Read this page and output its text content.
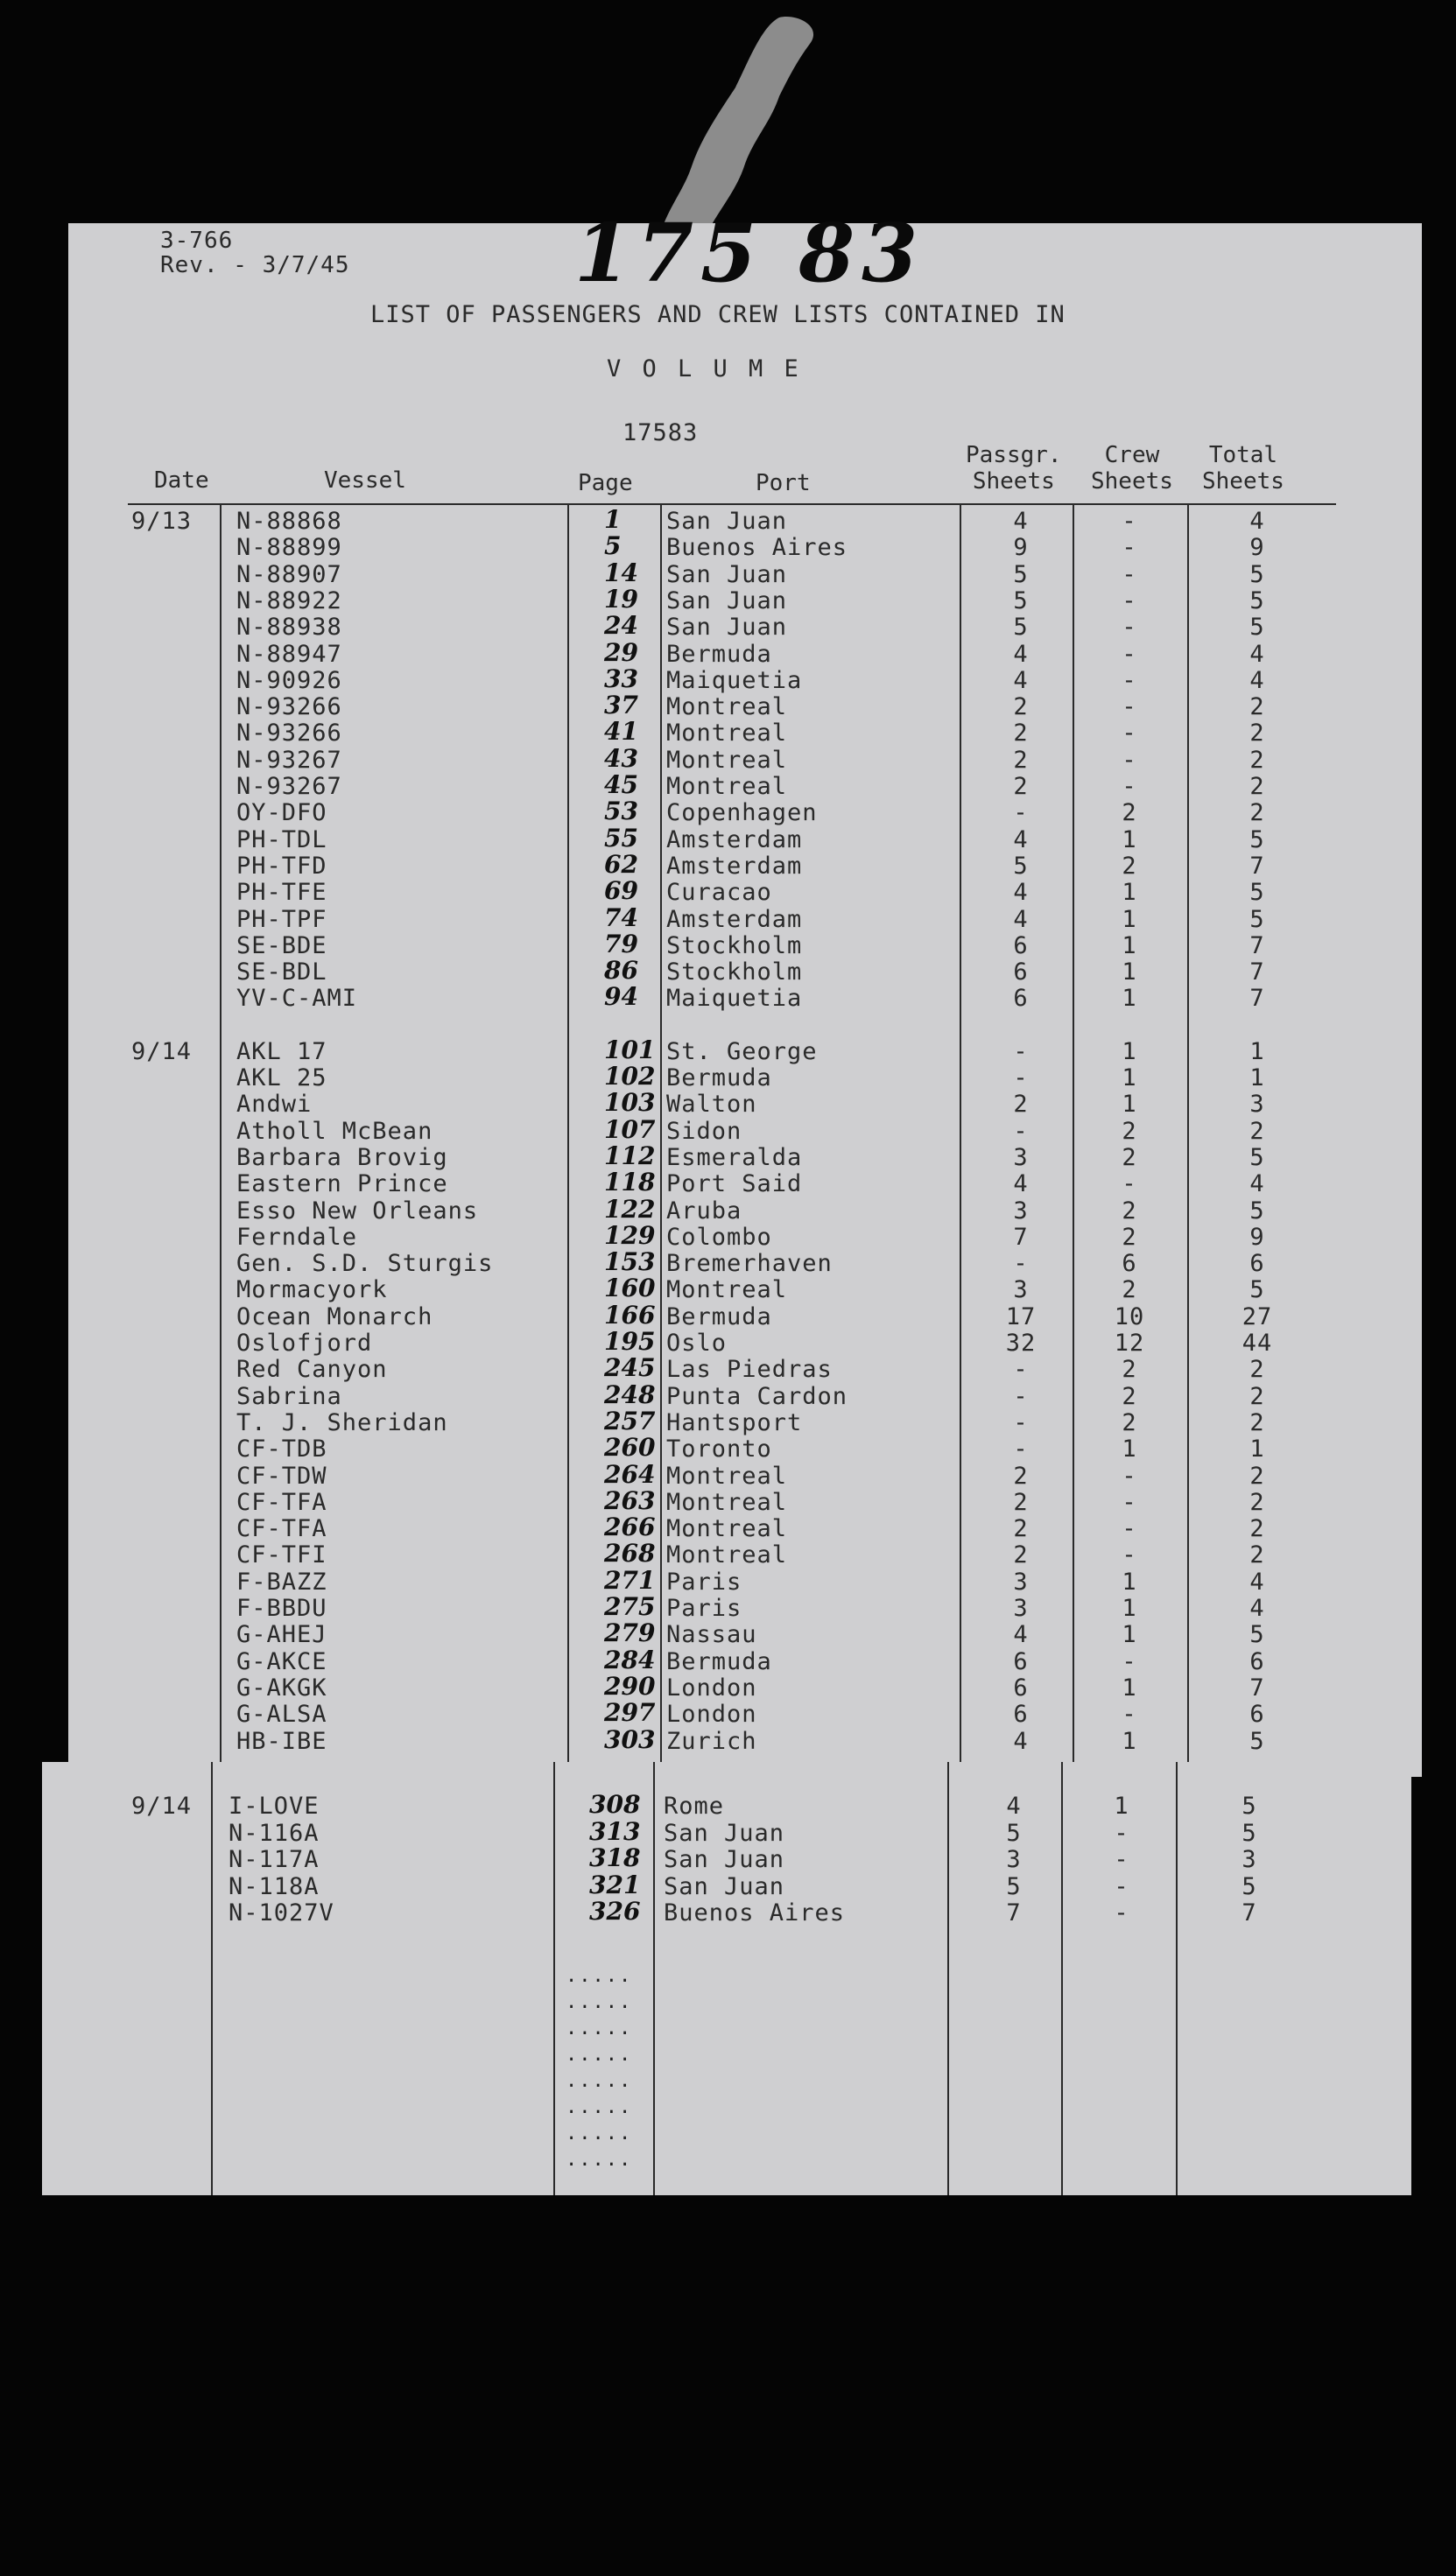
3-766
Rev. - 3/7/45	175 83
LIST OF PASSENGERS AND CREW LISTS CONTAINED IN
V O L U M E
17583
Date	Vessel	Page	Port
Passgr.
Sheets
Crew
Sheets
Total
Sheets
9/13 N-88868	1 San Juan	4	-	4
N-88899	5 Buenos Aires	9	-	9
N-88907	14 San Juan	5	-	5
N-88922	19 San Juan	5	-	5
N-88938	24 San Juan	5	-	5
N-88947	29 Bermuda	4	-	4
N-90926	33 Maiquetia	4	-	4
N-93266	37 Montreal	2	-	2
N-93266	41 Montreal	2	-	2
N-93267	43 Montreal	2	-	2
N-93267	45 Montreal	2	-	2
OY-DFO	53 Copenhagen	-	2	2
PH-TDL	55 Amsterdam	4	1	5
PH-TFD	62 Amsterdam	5	2	7
PH-TFE	69 Curacao	4	1	5
PH-TPF	74 Amsterdam	4	1	5
SE-BDE	79 Stockholm	6	1	7
SE-BDL	86 Stockholm	6	1	7
YV-C-AMI	94 Maiquetia	6	1	7
9/14 AKL 17	101 St. George	-	1	1
AKL 25	102 Bermuda	-	1	1
Andwi	103 Walton	2	1	3
Atholl McBean	107 Sidon	-	2	2
Barbara Brovig	112 Esmeralda	3	2	5
Eastern Prince	118 Port Said	4	-	4
Esso New Orleans	122 Aruba	3	2	5
Ferndale	129 Colombo	7	2	9
Gen. S.D. Sturgis	153 Bremerhaven	-	6	6
Mormacyork	160 Montreal	3	2	5
Ocean Monarch	166 Bermuda	17	10	27
Oslofjord	195 Oslo	32	12	44
Red Canyon	245 Las Piedras	-	2	2
Sabrina	248 Punta Cardon	-	2	2
T. J. Sheridan	257 Hantsport	-	2	2
CF-TDB	260 Toronto	-	1	1
CF-TDW	264 Montreal	2	-	2
CF-TFA	263 Montreal	2	-	2
CF-TFA	266 Montreal	2	-	2
CF-TFI	268 Montreal	2	-	2
F-BAZZ	271 Paris	3	1	4
F-BBDU	275 Paris	3	1	4
G-AHEJ	279 Nassau	4	1	5
G-AKCE	284 Bermuda	6	-	6
G-AKGK	290 London	6	1	7
G-ALSA	297 London	6	-	6
HB-IBE	303 Zurich	4	1	5
9/14 I-LOVE	308 Rome	4	1	5
N-116A	313 San Juan	5	-	5
N-117A	318 San Juan	3	-	3
N-118A	321 San Juan	5	-	5
N-1027V	326 Buenos Aires	7	-	7
.....
.....
.....
.....
.....
.....
.....
.....
